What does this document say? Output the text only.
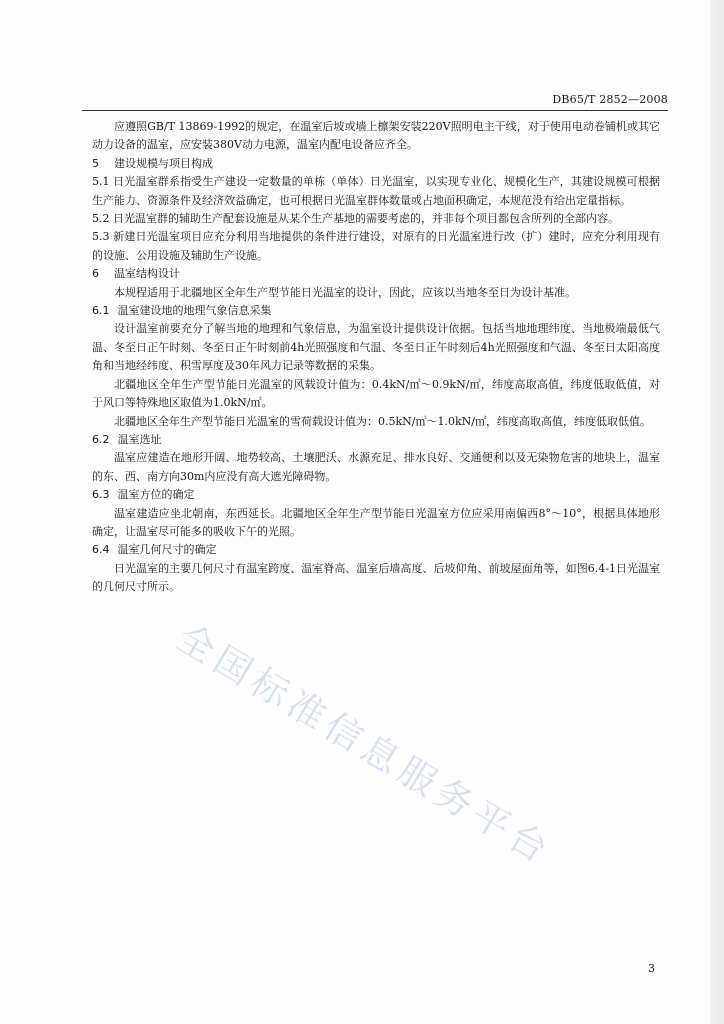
DB65/T 2852—2008

应遵照GB/T 13869-1992的规定，在温室后坡或墙上檩架安装220V照明电主干线，对于使用电动卷铺机或其它动力设备的温室，应安装380V动力电源，温室内配电设备应齐全。

5 建设规模与项目构成

5.1 日光温室群系指受生产建设一定数量的单栋（单体）日光温室，以实现专业化、规模化生产，其建设规模可根据生产能力、资源条件及经济效益确定，也可根据日光温室群体数量或占地面积确定，本规范没有给出定量指标。

5.2 日光温室群的辅助生产配套设施是从某个生产基地的需要考虑的，并非每个项目都包含所列的全部内容。

5.3 新建日光温室项目应充分利用当地提供的条件进行建设，对原有的日光温室进行改（扩）建时，应充分利用现有的设施、公用设施及辅助生产设施。

6 温室结构设计

本规程适用于北疆地区全年生产型节能日光温室的设计，因此，应该以当地冬至日为设计基准。

6.1 温室建设地的地理气象信息采集

设计温室前要充分了解当地的地理和气象信息，为温室设计提供设计依据。包括当地地理纬度、当地极端最低气温、冬至日正午时刻、冬至日正午时刻前4h光照强度和气温、冬至日正午时刻后4h光照强度和气温、冬至日太阳高度角和当地经纬度、积雪厚度及30年风力记录等数据的采集。

北疆地区全年生产型节能日光温室的风载设计值为：0.4kN/㎡～0.9kN/㎡，纬度高取高值，纬度低取低值，对于风口等特殊地区取值为1.0kN/㎡。

北疆地区全年生产型节能日光温室的雪荷载设计值为：0.5kN/㎡～1.0kN/㎡，纬度高取高值，纬度低取低值。

6.2 温室选址

温室应建造在地形开阔、地势较高、土壤肥沃、水源充足、排水良好、交通便利以及无染物危害的地块上，温室的东、西、南方向30m内应没有高大遮光障碍物。

6.3 温室方位的确定

温室建造应坐北朝南，东西延长。北疆地区全年生产型节能日光温室方位应采用南偏西8°～10°，根据具体地形确定，让温室尽可能多的吸收下午的光照。

6.4 温室几何尺寸的确定

日光温室的主要几何尺寸有温室跨度、温室脊高、温室后墙高度、后坡仰角、前坡屋面角等，如图6.4-1日光温室的几何尺寸所示。

全国标准信息服务平台
3
